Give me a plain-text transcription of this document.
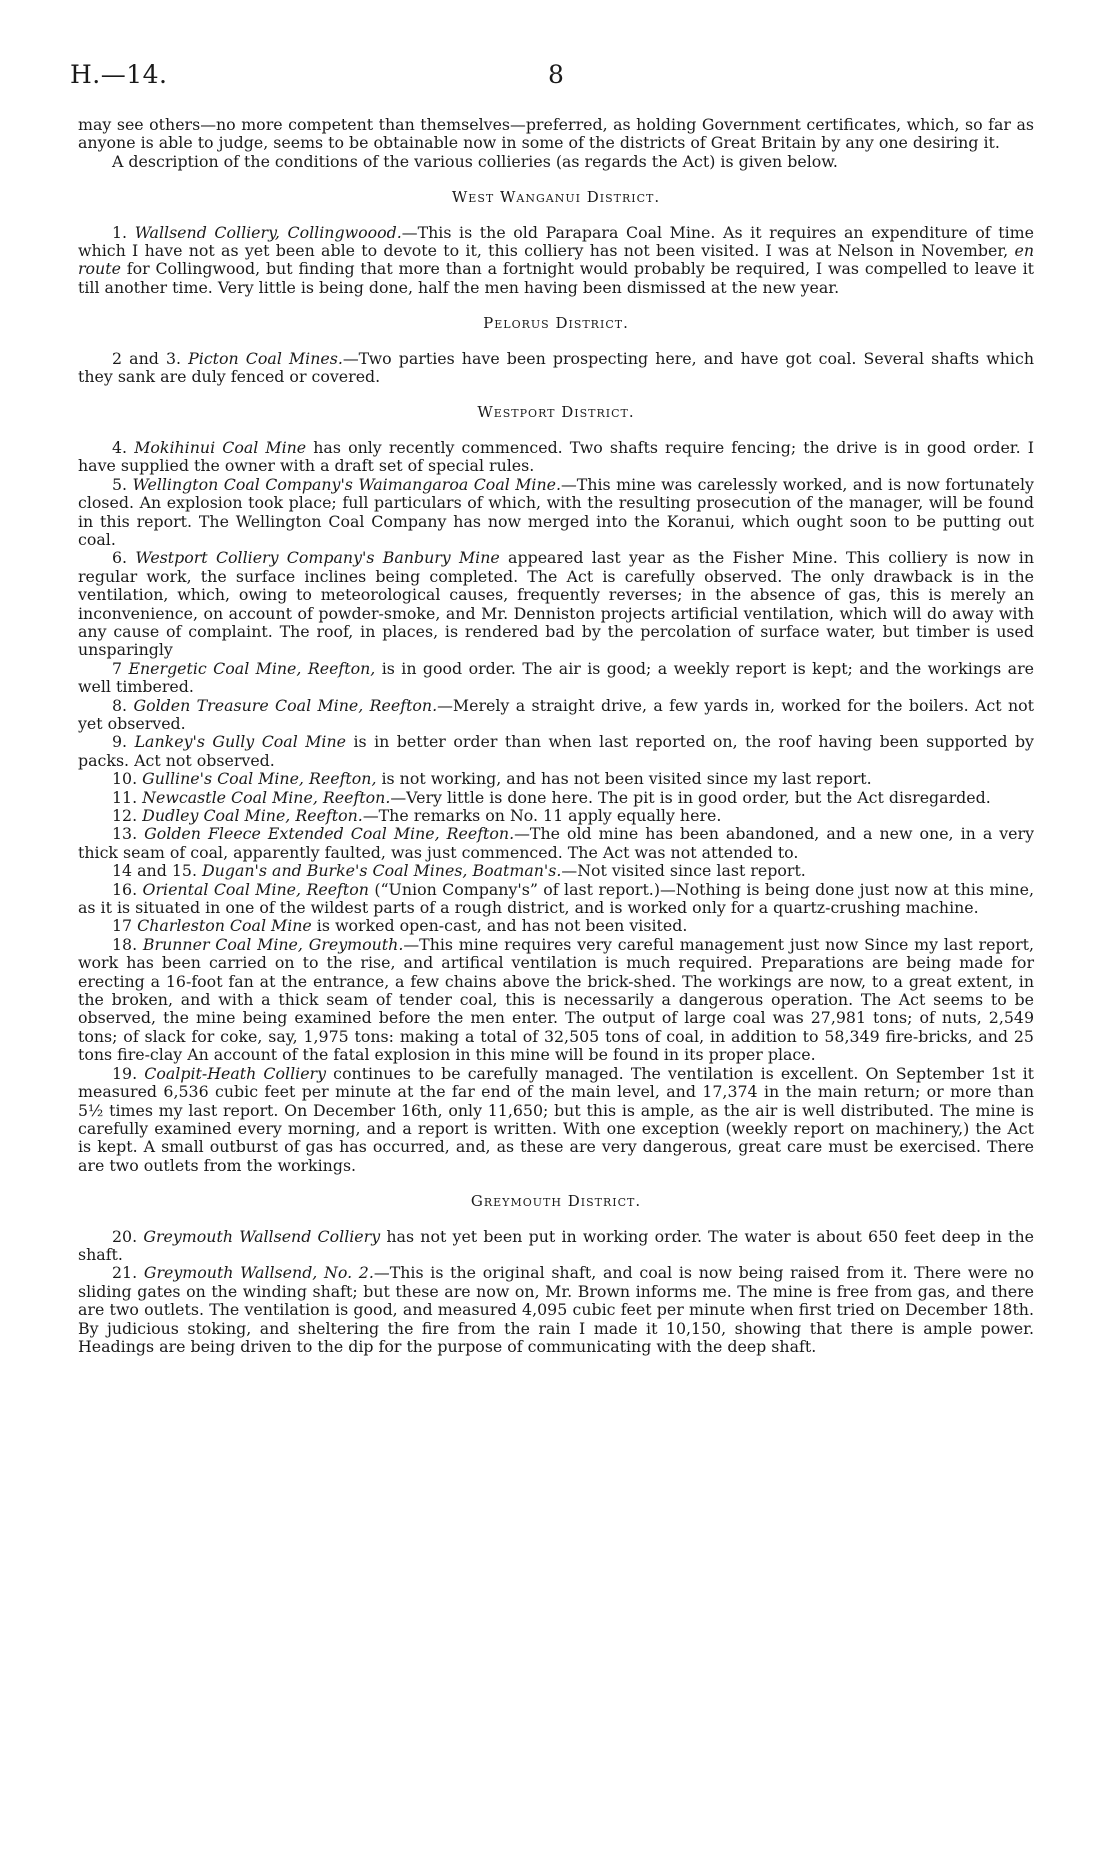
H.—14.	8

may see others—no more competent than themselves—preferred, as holding Government certificates, which, so far as anyone is able to judge, seems to be obtainable now in some of the districts of Great Britain by any one desiring it.

A description of the conditions of the various collieries (as regards the Act) is given below.

West Wanganui District.

1. Wallsend Colliery, Collingwoood.—This is the old Parapara Coal Mine. As it requires an expenditure of time which I have not as yet been able to devote to it, this colliery has not been visited. I was at Nelson in November, en route for Collingwood, but finding that more than a fortnight would probably be required, I was compelled to leave it till another time. Very little is being done, half the men having been dismissed at the new year.

Pelorus District.

2 and 3. Picton Coal Mines.—Two parties have been prospecting here, and have got coal. Several shafts which they sank are duly fenced or covered.

Westport District.

4. Mokihinui Coal Mine has only recently commenced. Two shafts require fencing; the drive is in good order. I have supplied the owner with a draft set of special rules.

5. Wellington Coal Company's Waimangaroa Coal Mine.—This mine was carelessly worked, and is now fortunately closed. An explosion took place; full particulars of which, with the resulting prosecution of the manager, will be found in this report. The Wellington Coal Company has now merged into the Koranui, which ought soon to be putting out coal.

6. Westport Colliery Company's Banbury Mine appeared last year as the Fisher Mine. This colliery is now in regular work, the surface inclines being completed. The Act is carefully observed. The only drawback is in the ventilation, which, owing to meteorological causes, frequently reverses; in the absence of gas, this is merely an inconvenience, on account of powder-smoke, and Mr. Denniston projects artificial ventilation, which will do away with any cause of complaint. The roof, in places, is rendered bad by the percolation of surface water, but timber is used unsparingly

7 Energetic Coal Mine, Reefton, is in good order. The air is good; a weekly report is kept; and the workings are well timbered.

8. Golden Treasure Coal Mine, Reefton.—Merely a straight drive, a few yards in, worked for the boilers. Act not yet observed.

9. Lankey's Gully Coal Mine is in better order than when last reported on, the roof having been supported by packs. Act not observed.

10. Gulline's Coal Mine, Reefton, is not working, and has not been visited since my last report.

11. Newcastle Coal Mine, Reefton.—Very little is done here. The pit is in good order, but the Act disregarded.

12. Dudley Coal Mine, Reefton.—The remarks on No. 11 apply equally here.

13. Golden Fleece Extended Coal Mine, Reefton.—The old mine has been abandoned, and a new one, in a very thick seam of coal, apparently faulted, was just commenced. The Act was not attended to.

14 and 15. Dugan's and Burke's Coal Mines, Boatman's.—Not visited since last report.

16. Oriental Coal Mine, Reefton (“Union Company's” of last report.)—Nothing is being done just now at this mine, as it is situated in one of the wildest parts of a rough district, and is worked only for a quartz-crushing machine.

17 Charleston Coal Mine is worked open-cast, and has not been visited.

18. Brunner Coal Mine, Greymouth.—This mine requires very careful management just now Since my last report, work has been carried on to the rise, and artifical ventilation is much required. Preparations are being made for erecting a 16-foot fan at the entrance, a few chains above the brick-shed. The workings are now, to a great extent, in the broken, and with a thick seam of tender coal, this is necessarily a dangerous operation. The Act seems to be observed, the mine being examined before the men enter. The output of large coal was 27,981 tons; of nuts, 2,549 tons; of slack for coke, say, 1,975 tons: making a total of 32,505 tons of coal, in addition to 58,349 fire-bricks, and 25 tons fire-clay An account of the fatal explosion in this mine will be found in its proper place.

19. Coalpit-Heath Colliery continues to be carefully managed. The ventilation is excellent. On September 1st it measured 6,536 cubic feet per minute at the far end of the main level, and 17,374 in the main return; or more than 5½ times my last report. On December 16th, only 11,650; but this is ample, as the air is well distributed. The mine is carefully examined every morning, and a report is written. With one exception (weekly report on machinery,) the Act is kept. A small outburst of gas has occurred, and, as these are very dangerous, great care must be exercised. There are two outlets from the workings.

Greymouth District.

20. Greymouth Wallsend Colliery has not yet been put in working order. The water is about 650 feet deep in the shaft.

21. Greymouth Wallsend, No. 2.—This is the original shaft, and coal is now being raised from it. There were no sliding gates on the winding shaft; but these are now on, Mr. Brown informs me. The mine is free from gas, and there are two outlets. The ventilation is good, and measured 4,095 cubic feet per minute when first tried on December 18th. By judicious stoking, and sheltering the fire from the rain I made it 10,150, showing that there is ample power. Headings are being driven to the dip for the purpose of communicating with the deep shaft.
